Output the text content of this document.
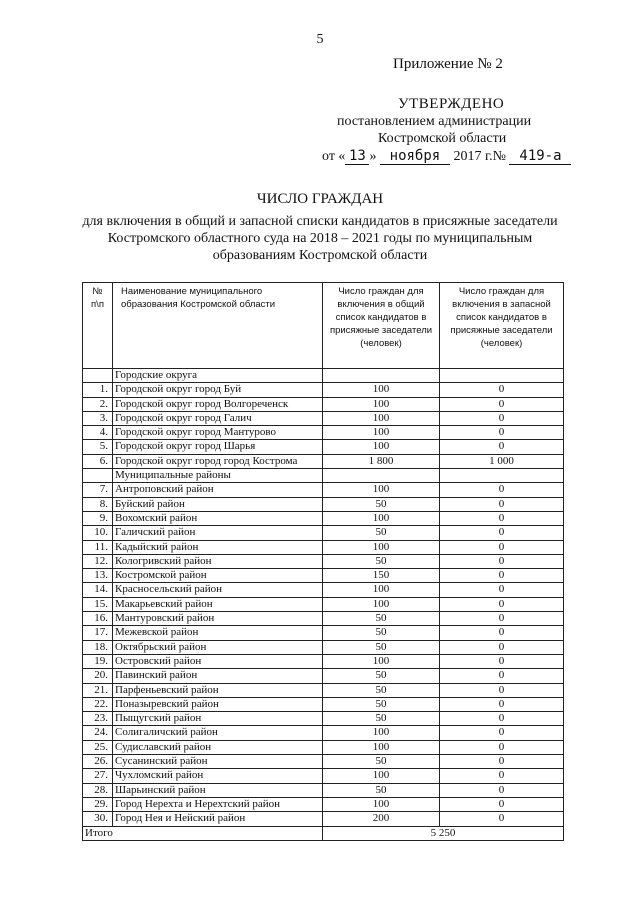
5
Приложение № 2
УТВЕРЖДЕНО
постановлением администрации
Костромской области
от « 13 » ноября 2017 г.№ 419-а
ЧИСЛО ГРАЖДАН
для включения в общий и запасной списки кандидатов в присяжные заседатели Костромского областного суда на 2018 – 2021 годы по муниципальным образованиям Костромской области
№ п\п	Наименование муниципального образования Костромской области	Число граждан для включения в общий список кандидатов в присяжные заседатели (человек)	Число граждан для включения в запасной список кандидатов в присяжные заседатели (человек)
	Городские округа		
1.	Городской округ город Буй	100	0
2.	Городской округ город Волгореченск	100	0
3.	Городской округ город Галич	100	0
4.	Городской округ город Мантурово	100	0
5.	Городской округ город Шарья	100	0
6.	Городской округ город город Кострома	1 800	1 000
	Муниципальные районы		
7.	Антроповский район	100	0
8.	Буйский район	50	0
9.	Вохомский район	100	0
10.	Галичский район	50	0
11.	Кадыйский район	100	0
12.	Кологривский район	50	0
13.	Костромской район	150	0
14.	Красносельский район	100	0
15.	Макарьевский район	100	0
16.	Мантуровский район	50	0
17.	Межевской район	50	0
18.	Октябрьский район	50	0
19.	Островский район	100	0
20.	Павинский район	50	0
21.	Парфеньевский район	50	0
22.	Поназыревский район	50	0
23.	Пыщугский район	50	0
24.	Солигаличский район	100	0
25.	Судиславский район	100	0
26.	Сусанинский район	50	0
27.	Чухломский район	100	0
28.	Шарьинский район	50	0
29.	Город Нерехта и Нерехтский район	100	0
30.	Город Нея и Нейский район	200	0
Итого		5 250	
